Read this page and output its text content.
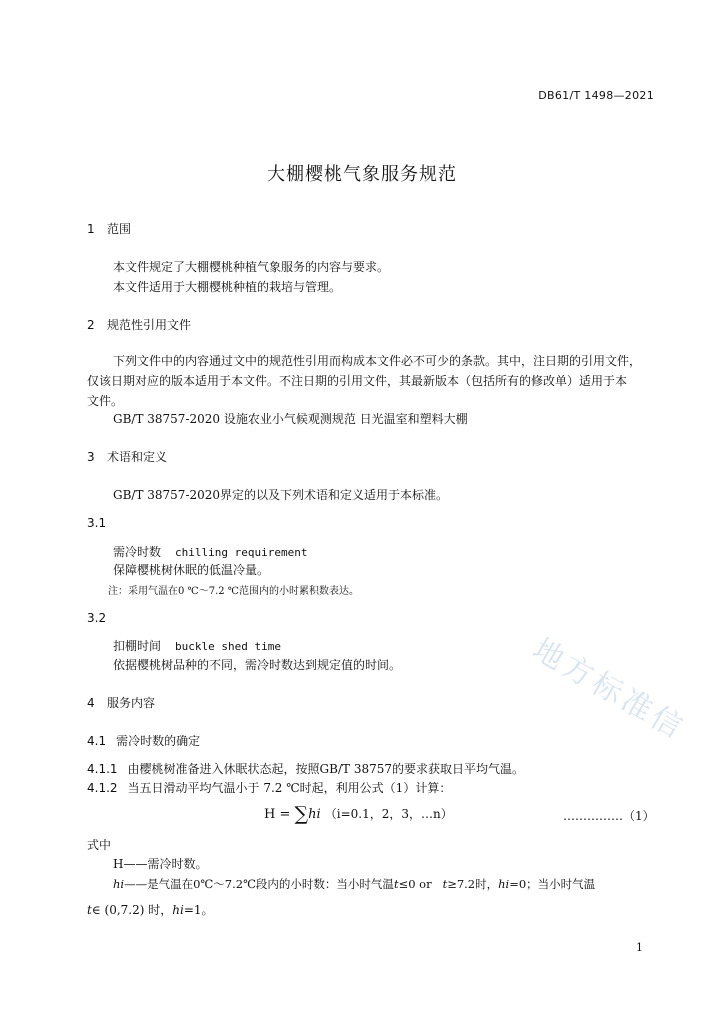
DB61/T 1498—2021
大棚樱桃气象服务规范
地方标准信
1 范围
本文件规定了大棚樱桃种植气象服务的内容与要求。
本文件适用于大棚樱桃种植的栽培与管理。
2 规范性引用文件
下列文件中的内容通过文中的规范性引用而构成本文件必不可少的条款。其中，注日期的引用文件，
仅该日期对应的版本适用于本文件。不注日期的引用文件，其最新版本（包括所有的修改单）适用于本
文件。
GB/T 38757-2020 设施农业小气候观测规范 日光温室和塑料大棚
3 术语和定义
GB/T 38757-2020界定的以及下列术语和定义适用于本标准。
3.1
需冷时数 chilling requirement
保障樱桃树休眠的低温冷量。
注：采用气温在0 ℃～7.2 ℃范围内的小时累积数表达。
3.2
扣棚时间 buckle shed time
依据樱桃树品种的不同，需冷时数达到规定值的时间。
4 服务内容
4.1 需冷时数的确定
4.1.1 由樱桃树准备进入休眠状态起，按照GB/T 38757的要求获取日平均气温。
4.1.2 当五日滑动平均气温小于 7.2 ℃时起，利用公式（1）计算：
H = ∑hi （i=0.1，2，3，…n）	……………（1）
式中
H——需冷时数。
hi——是气温在0℃～7.2℃段内的小时数：当小时气温t≤0 or t≥7.2时，hi=0；当小时气温
t∈ (0,7.2) 时，hi=1。
1
